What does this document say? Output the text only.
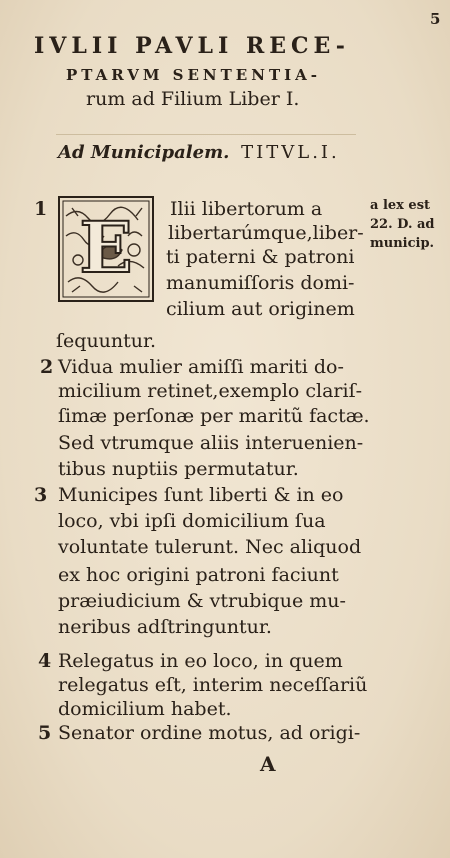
5
IVLII PAVLI RECE-
PTARVM SENTENTIA-
rum ad Filium Liber I.
Ad Municipalem. TITVL.I.
1
2
3
4
5
a lex est
22. D. ad
municip.
E Ilii libertorum a
libertarúmque,liber-
ti paterni & patroni
manumiſſoris domi-
cilium aut originem
ſequuntur.
Vidua mulier amiſſi mariti do-
micilium retinet,exemplo clariſ-
ſimæ perſonæ per maritũ factæ.
Sed vtrumque aliis interuenien-
tibus nuptiis permutatur.
Municipes ſunt liberti & in eo
loco, vbi ipſi domicilium ſua
voluntate tulerunt. Nec aliquod
ex hoc origini patroni faciunt
præiudicium & vtrubique mu-
neribus adſtringuntur.
Relegatus in eo loco, in quem
relegatus eſt, interim neceſſariũ
domicilium habet.
Senator ordine motus, ad origi-
A
